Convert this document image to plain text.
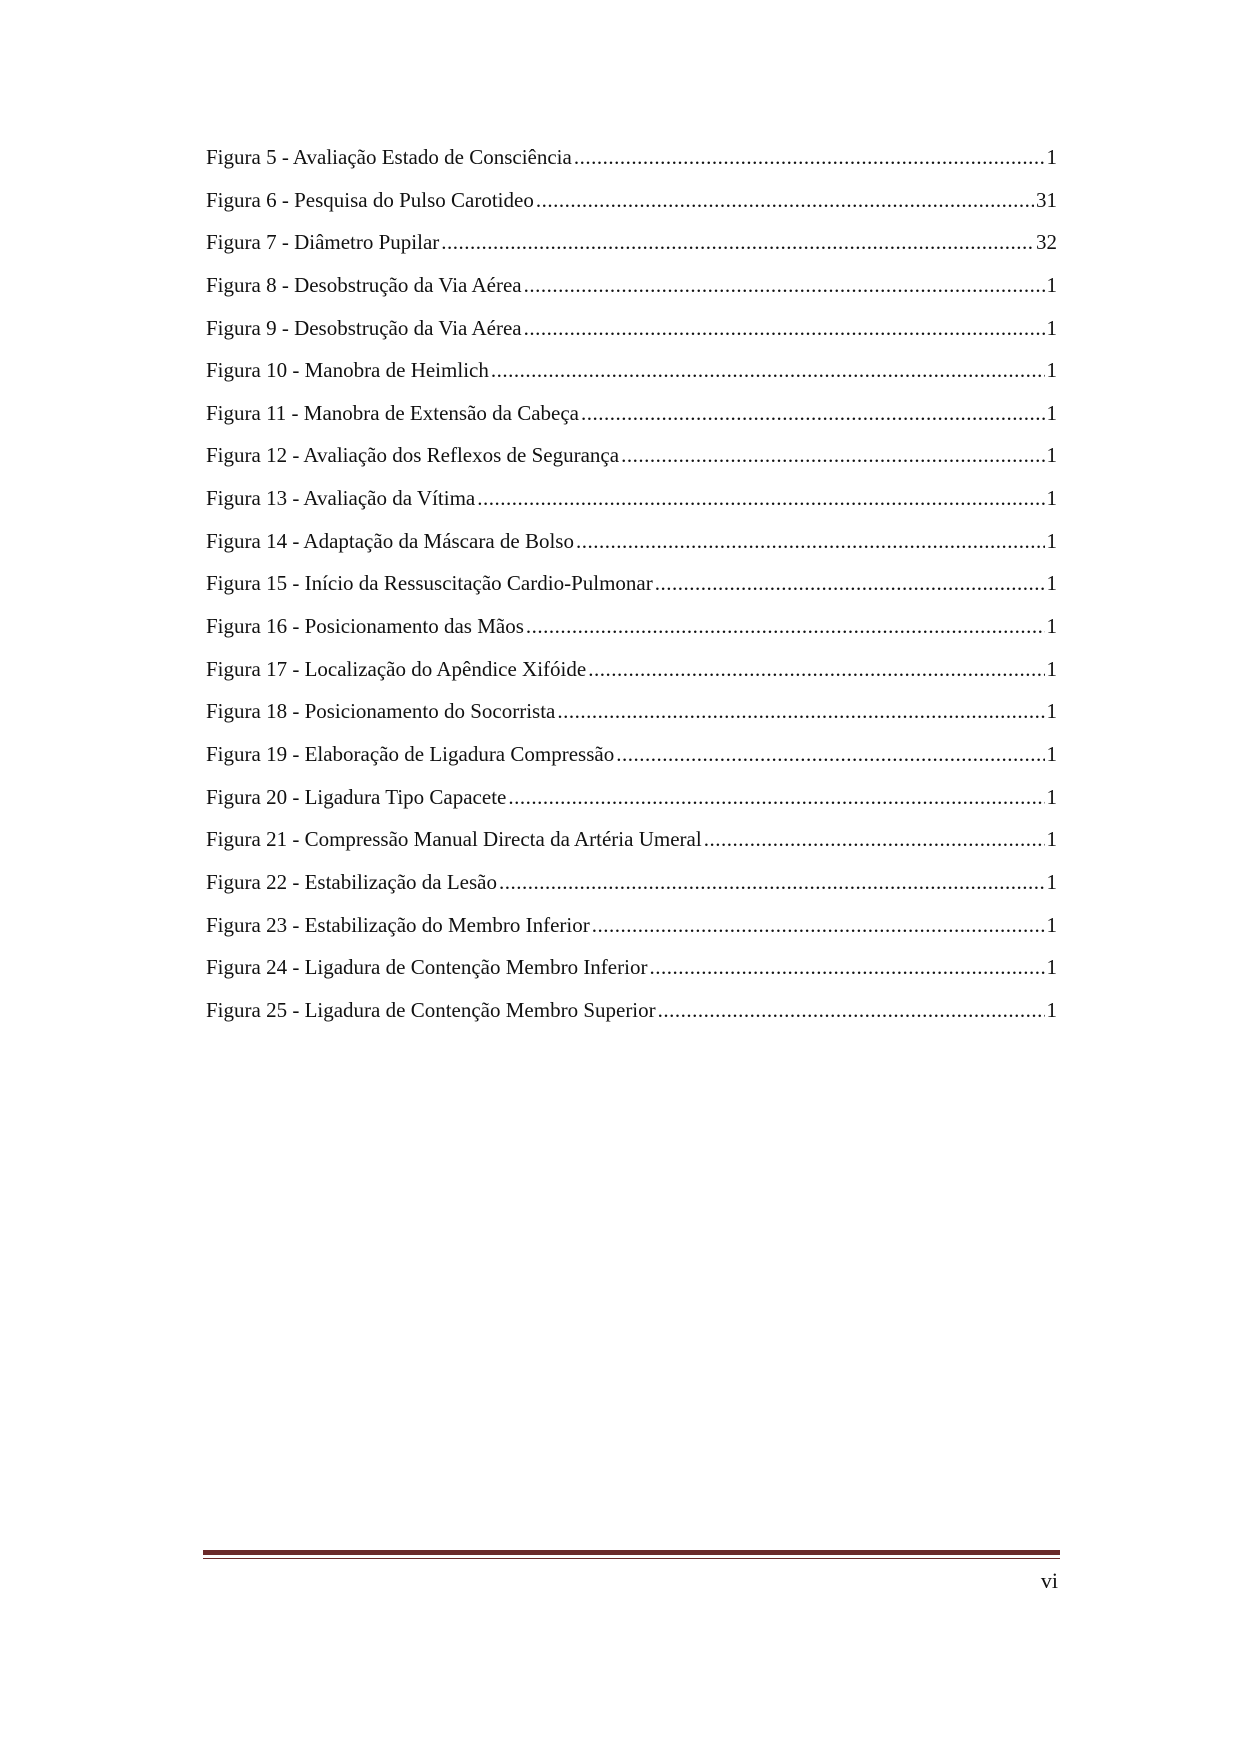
Figura 5 - Avaliação Estado de Consciência .....	1
Figura 6 - Pesquisa do Pulso Carotideo .....	31
Figura 7 - Diâmetro Pupilar .....	32
Figura 8 - Desobstrução da Via Aérea .....	1
Figura 9 - Desobstrução da Via Aérea .....	1
Figura 10 - Manobra de Heimlich .....	1
Figura 11 - Manobra de Extensão da Cabeça .....	1
Figura 12 - Avaliação dos Reflexos de Segurança .....	1
Figura 13 - Avaliação da Vítima .....	1
Figura 14 - Adaptação da Máscara de Bolso .....	1
Figura 15 - Início da Ressuscitação Cardio-Pulmonar .....	1
Figura 16 - Posicionamento das Mãos .....	1
Figura 17 - Localização do Apêndice Xifóide .....	1
Figura 18 - Posicionamento do Socorrista .....	1
Figura 19 - Elaboração de Ligadura Compressão .....	1
Figura 20 - Ligadura Tipo Capacete .....	1
Figura 21 - Compressão Manual Directa da Artéria Umeral .....	1
Figura 22 - Estabilização da Lesão .....	1
Figura 23 - Estabilização do Membro Inferior .....	1
Figura 24 - Ligadura de Contenção Membro Inferior .....	1
Figura 25 - Ligadura de Contenção Membro Superior .....	1
vi
